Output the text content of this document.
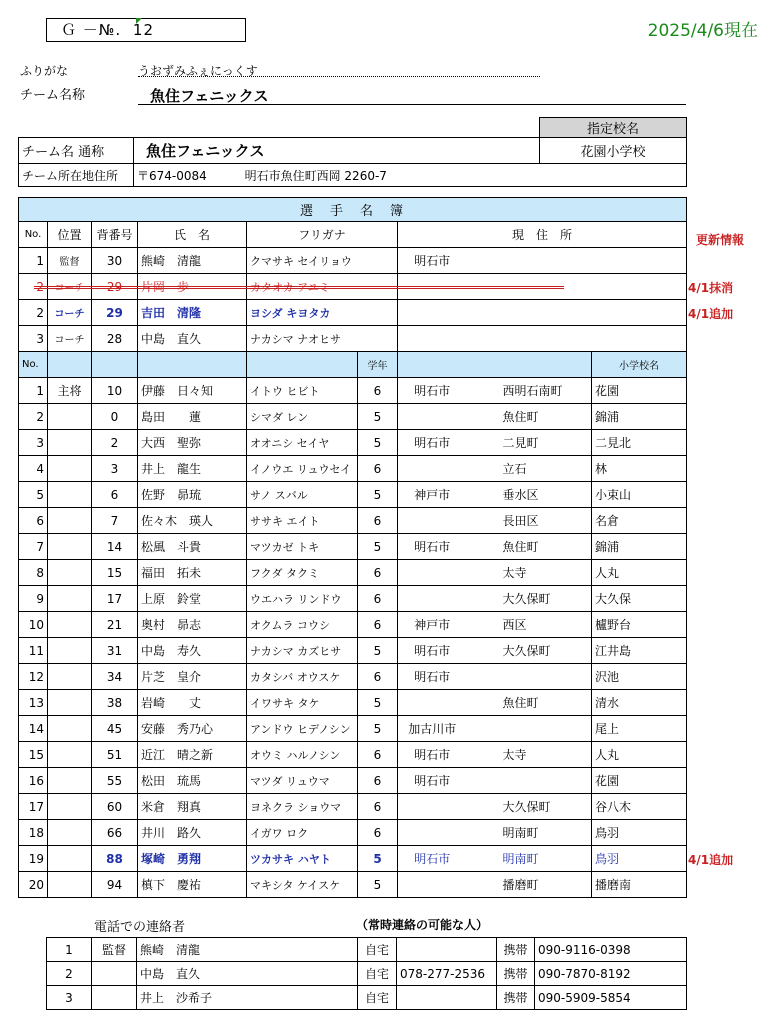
Ｇ －№. 12	2025/4/6現在
ふりがな	うおずみふぇにっくす
チーム名称	魚住フェニックス
		指定校名
チーム名 通称	魚住フェニックス	花園小学校
チーム所在地住所	〒674-0084 明石市魚住町西岡 2260-7	
選　手　名　簿								
No.	位置	背番号	氏　名	フリガナ		現　住　所		
1	監督	30	熊崎　清龍	クマサキ セイリョウ		明石市		
2	コーチ	29	片岡　歩	カタオカ アユミ				
2	コーチ	29	吉田　清隆	ヨシダ キヨタカ				
3	コーチ	28	中島　直久	ナカシマ ナオヒサ				
No.					学年			小学校名
1	主将	10	伊藤　日々知	イトウ ヒビト	6	明石市	西明石南町	花園
2		0	島田　　蓮	シマダ レン	5		魚住町	錦浦
3		2	大西　聖弥	オオニシ セイヤ	5	明石市	二見町	二見北
4		3	井上　龍生	イノウエ リュウセイ	6		立石	林
5		6	佐野　昴琉	サノ スバル	5	神戸市	垂水区	小束山
6		7	佐々木　瑛人	ササキ エイト	6		長田区	名倉
7		14	松風　斗貴	マツカゼ トキ	5	明石市	魚住町	錦浦
8		15	福田　拓未	フクダ タクミ	6		太寺	人丸
9		17	上原　鈴堂	ウエハラ リンドウ	6		大久保町	大久保
10		21	奥村　昴志	オクムラ コウシ	6	神戸市	西区	櫨野台
11		31	中島　寿久	ナカシマ カズヒサ	5	明石市	大久保町	江井島
12		34	片芝　皇介	カタシバ オウスケ	6	明石市		沢池
13		38	岩崎　　丈	イワサキ タケ	5		魚住町	清水
14		45	安藤　秀乃心	アンドウ ヒデノシン	5	加古川市		尾上
15		51	近江　晴之新	オウミ ハルノシン	6	明石市	太寺	人丸
16		55	松田　琉馬	マツダ リュウマ	6	明石市		花園
17		60	米倉　翔真	ヨネクラ ショウマ	6		大久保町	谷八木
18		66	井川　路久	イガワ ロク	6		明南町	鳥羽
19		88	塚崎　勇翔	ツカサキ ハヤト	5	明石市	明南町	鳥羽
20		94	槙下　慶祐	マキシタ ケイスケ	5		播磨町	播磨南
更新情報
4/1抹消
4/1追加
4/1追加
電話での連絡者	（常時連絡の可能な人）
1	監督	熊崎　清龍	自宅		携帯	090-9116-0398
2		中島　直久	自宅	078-277-2536	携帯	090-7870-8192
3		井上　沙希子	自宅		携帯	090-5909-5854
